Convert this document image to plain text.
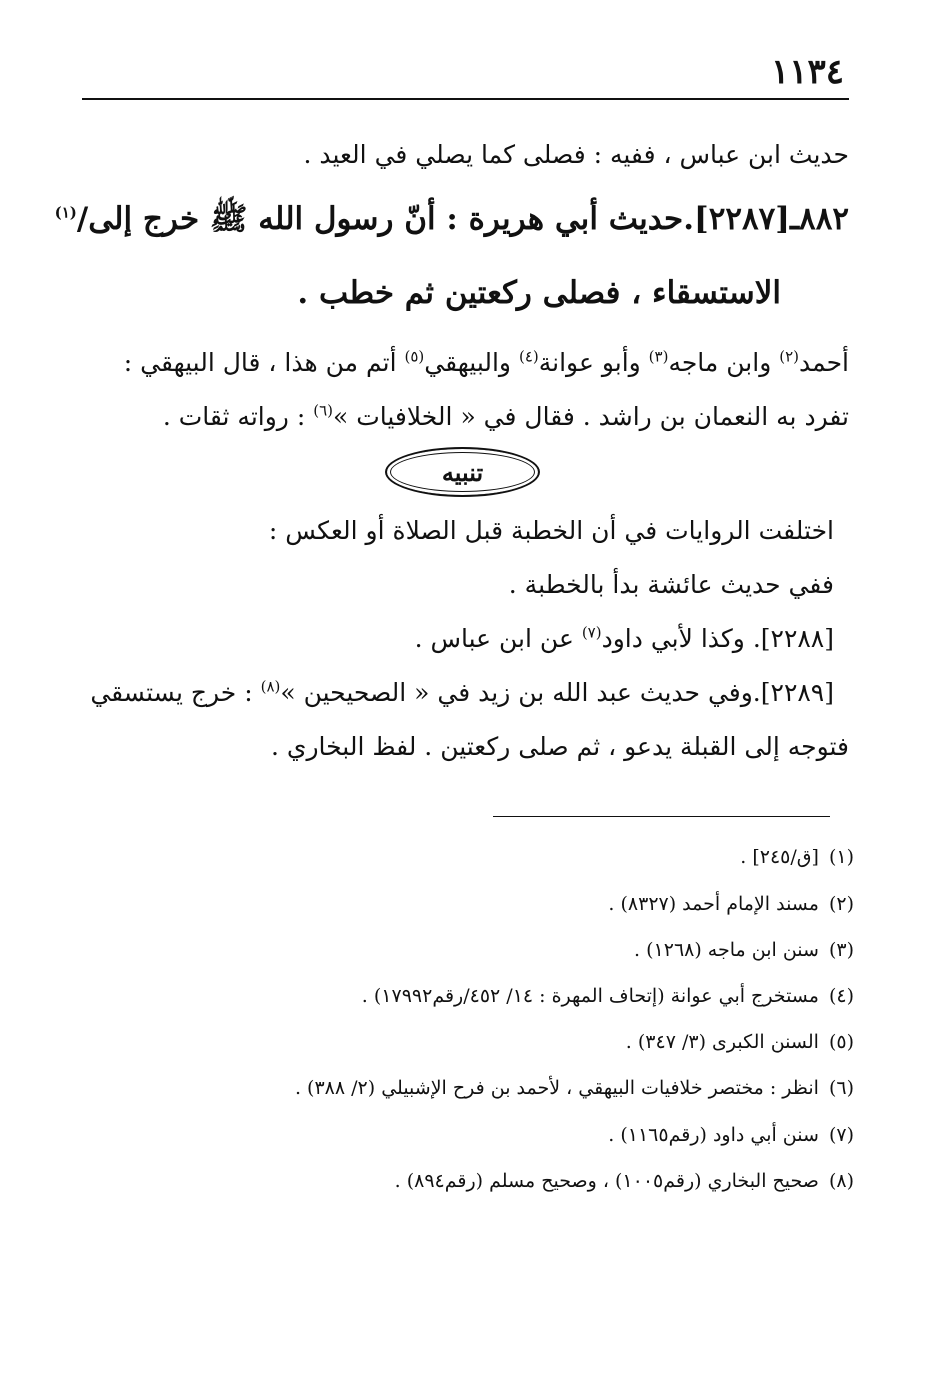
١١٣٤
حديث ابن عباس ، ففيه : فصلى كما يصلي في العيد .
٨٨٢ـ[٢٢٨٧].حديث أبي هريرة : أنّ رسول الله ﷺ خرج إلى/$^{(١)}$
الاستسقاء ، فصلى ركعتين ثم خطب .
أحمد$^{(٢)}$ وابن ماجه$^{(٣)}$ وأبو عوانة$^{(٤)}$ والبيهقي$^{(٥)}$ أتم من هذا ، قال البيهقي :
تفرد به النعمان بن راشد . فقال في « الخلافيات »$^{(٦)}$ : رواته ثقات .
تنبيه
اختلفت الروايات في أن الخطبة قبل الصلاة أو العكس :
ففي حديث عائشة بدأ بالخطبة .
[٢٢٨٨]. وكذا لأبي داود$^{(٧)}$ عن ابن عباس .
[٢٢٨٩].وفي حديث عبد الله بن زيد في « الصحيحين »$^{(٨)}$ : خرج يستسقي
فتوجه إلى القبلة يدعو ، ثم صلى ركعتين . لفظ البخاري .
(١)[ق/٢٤٥] .
(٢)مسند الإمام أحمد (٨٣٢٧) .
(٣)سنن ابن ماجه (١٢٦٨) .
(٤)مستخرج أبي عوانة (إتحاف المهرة : ١٤/ ٤٥٢/رقم١٧٩٩٢) .
(٥)السنن الكبرى (٣/ ٣٤٧) .
(٦)انظر : مختصر خلافيات البيهقي ، لأحمد بن فرح الإشبيلي (٢/ ٣٨٨) .
(٧)سنن أبي داود (رقم١١٦٥) .
(٨)صحيح البخاري (رقم١٠٠٥) ، وصحيح مسلم (رقم٨٩٤) .
